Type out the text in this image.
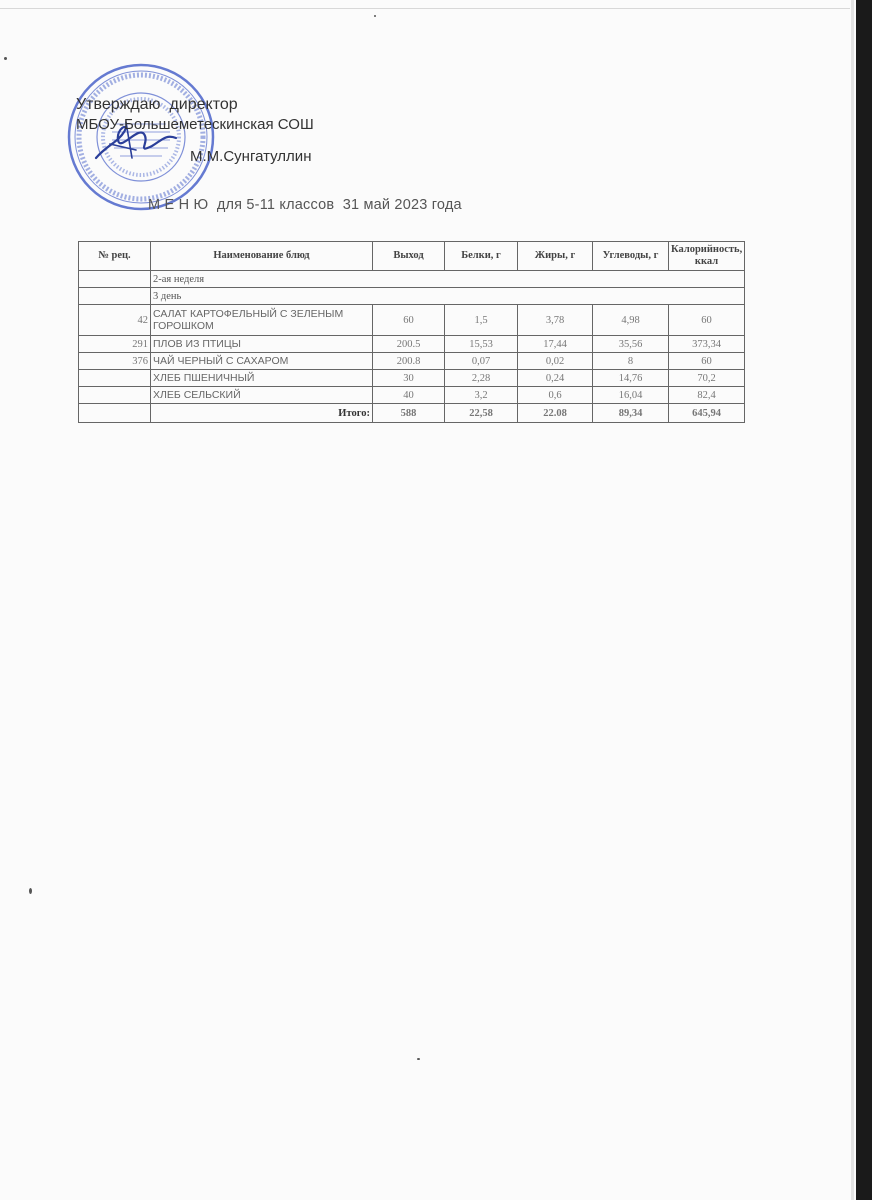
Утверждаю  директор
МБОУ-Большеметескинская СОШ
М.М.Сунгатуллин
М Е Н Ю  для 5-11 классов  31 май 2023 года
№ рец.	Наименование блюд	Выход	Белки, г	Жиры, г	Углеводы, г	Калорийность, ккал
	2-ая неделя					
	3 день					
42	САЛАТ КАРТОФЕЛЬНЫЙ С ЗЕЛЕНЫМ ГОРОШКОМ	60	1,5	3,78	4,98	60
291	ПЛОВ ИЗ ПТИЦЫ	200.5	15,53	17,44	35,56	373,34
376	ЧАЙ ЧЕРНЫЙ С САХАРОМ	200.8	0,07	0,02	8	60
	ХЛЕБ ПШЕНИЧНЫЙ	30	2,28	0,24	14,76	70,2
	ХЛЕБ СЕЛЬСКИЙ	40	3,2	0,6	16,04	82,4
	Итого:	588	22,58	22.08	89,34	645,94
